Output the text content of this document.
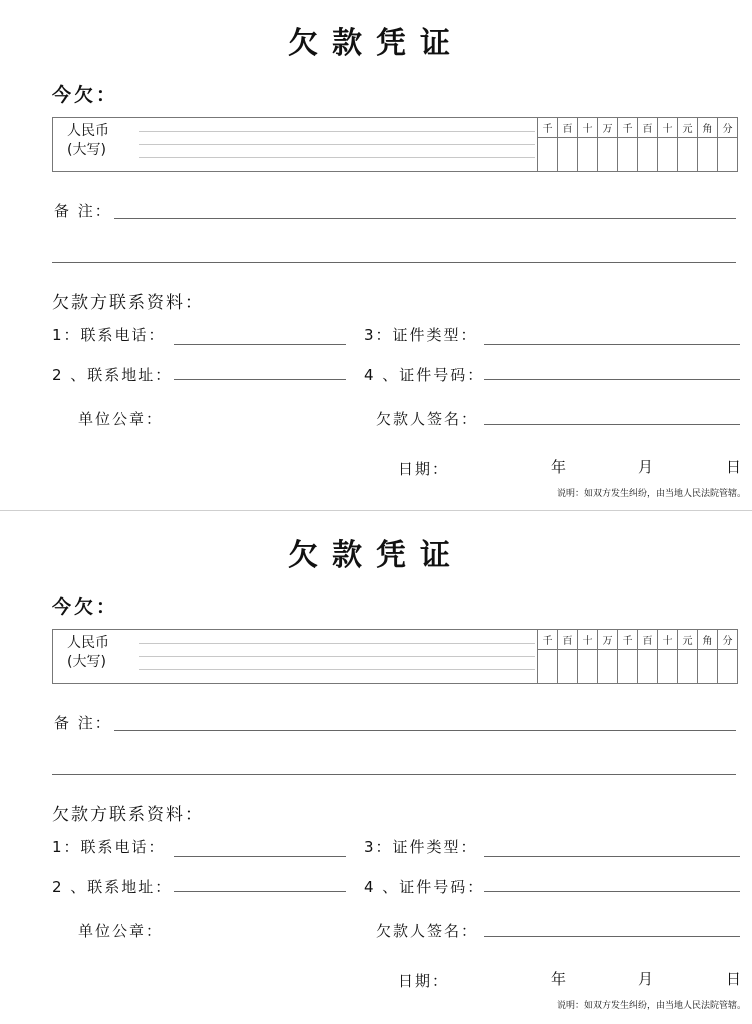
欠款凭证
今欠：
人民币
(大写)
千	百	十	万	千	百	十	元	角	分
备 注：
欠款方联系资料：
1：联系电话：	3：证件类型：
2 、联系地址：	4 、证件号码：
单位公章：	欠款人签名：
日期：	年	月	日
说明：如双方发生纠纷，由当地人民法院管辖。
欠款凭证
今欠：
人民币
(大写)
千	百	十	万	千	百	十	元	角	分
备 注：
欠款方联系资料：
1：联系电话：	3：证件类型：
2 、联系地址：	4 、证件号码：
单位公章：	欠款人签名：
日期：	年	月	日
说明：如双方发生纠纷，由当地人民法院管辖。
